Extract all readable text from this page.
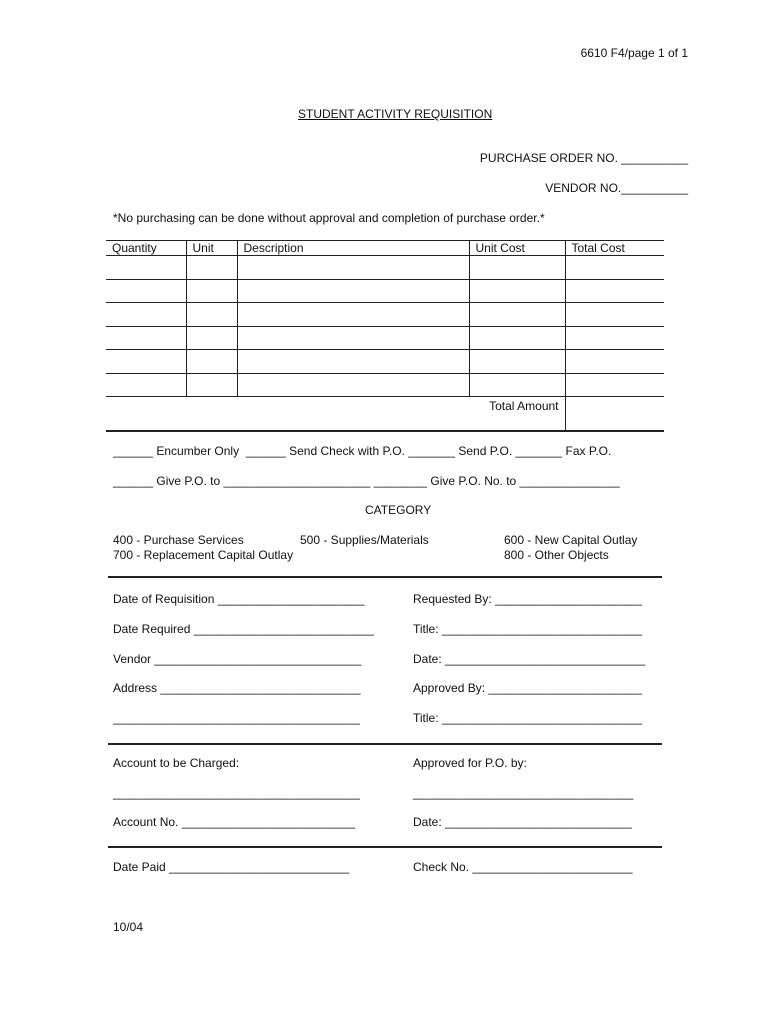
6610 F4/page 1 of 1
STUDENT ACTIVITY REQUISITION
PURCHASE ORDER NO. __________
VENDOR NO.__________
*No purchasing can be done without approval and completion of purchase order.*
Quantity	Unit	Description	Unit Cost	Total Cost

Total Amount				
______ Encumber Only  ______ Send Check with P.O. _______ Send P.O. _______ Fax P.O.
______ Give P.O. to ______________________ ________ Give P.O. No. to _______________
CATEGORY
400 - Purchase Services	500 - Supplies/Materials	600 - New Capital Outlay
700 - Replacement Capital Outlay	800 - Other Objects
Date of Requisition ______________________	Requested By: ______________________
Date Required ___________________________	Title: ______________________________
Vendor _______________________________	Date: ______________________________
Address ______________________________	Approved By: _______________________
_____________________________________	Title: ______________________________
Account to be Charged:	Approved for P.O. by:
_____________________________________	_________________________________
Account No. __________________________	Date: ____________________________
Date Paid ___________________________	Check No. ________________________
10/04
